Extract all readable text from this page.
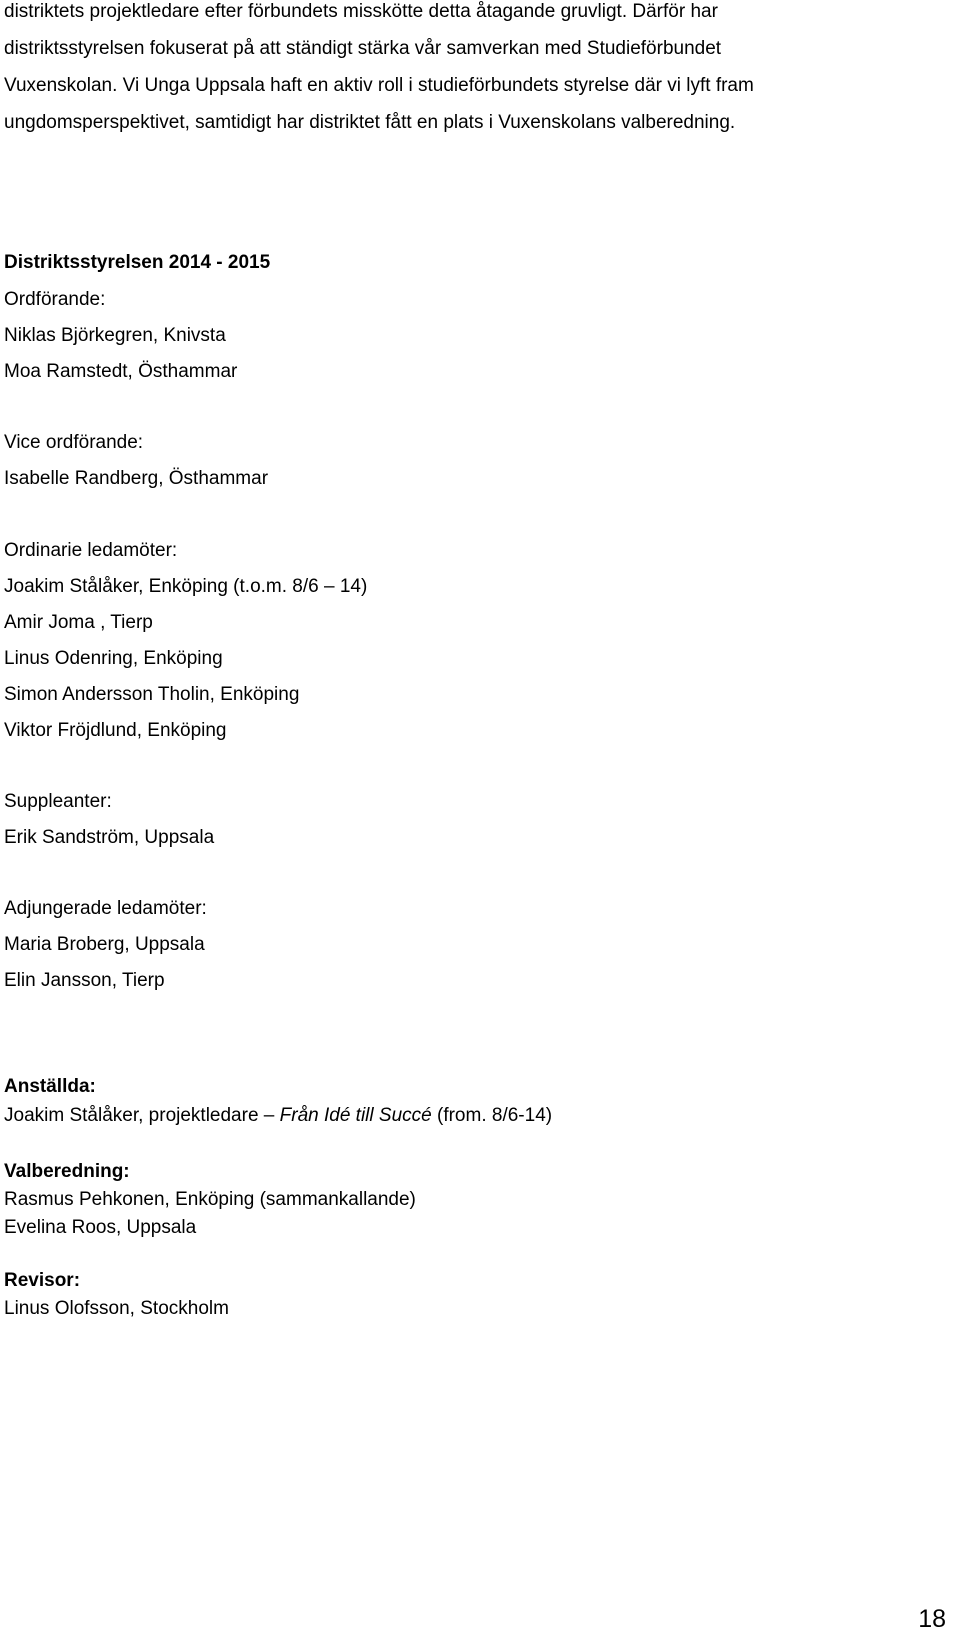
distriktets projektledare efter förbundets misskötte detta åtagande gruvligt. Därför har
distriktsstyrelsen fokuserat på att ständigt stärka vår samverkan med Studieförbundet
Vuxenskolan. Vi Unga Uppsala haft en aktiv roll i studieförbundets styrelse där vi lyft fram
ungdomsperspektivet, samtidigt har distriktet fått en plats i Vuxenskolans valberedning.
Distriktsstyrelsen 2014 - 2015
Ordförande:
Niklas Björkegren, Knivsta
Moa Ramstedt, Östhammar
Vice ordförande:
Isabelle Randberg, Östhammar
Ordinarie ledamöter:
Joakim Stålåker, Enköping (t.o.m. 8/6 – 14)
Amir Joma , Tierp
Linus Odenring, Enköping
Simon Andersson Tholin, Enköping
Viktor Fröjdlund, Enköping
Suppleanter:
Erik Sandström, Uppsala
Adjungerade ledamöter:
Maria Broberg, Uppsala
Elin Jansson, Tierp
Anställda:
Joakim Stålåker, projektledare – Från Idé till Succé (from. 8/6-14)
Valberedning:
Rasmus Pehkonen, Enköping (sammankallande)
Evelina Roos, Uppsala
Revisor:
Linus Olofsson, Stockholm
18
